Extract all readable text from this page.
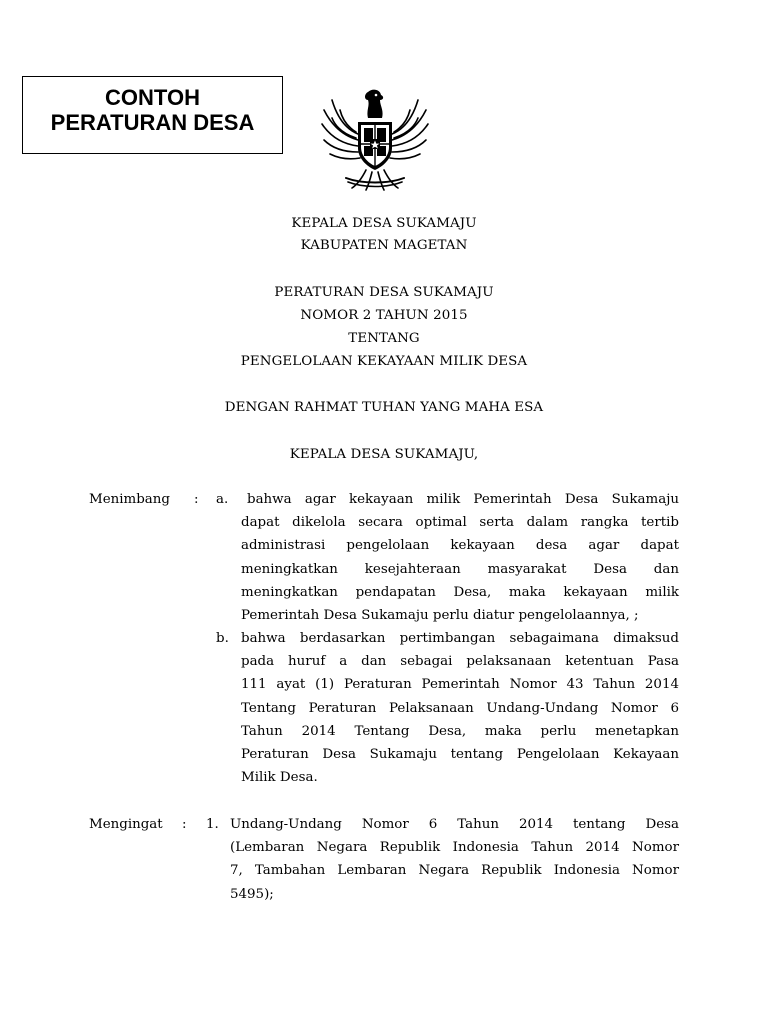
CONTOH
PERATURAN DESA
KEPALA DESA SUKAMAJU
KABUPATEN MAGETAN
PERATURAN DESA SUKAMAJU
NOMOR 2 TAHUN 2015
TENTANG
PENGELOLAAN KEKAYAAN MILIK DESA
DENGAN RAHMAT TUHAN YANG MAHA ESA
KEPALA DESA SUKAMAJU,
Menimbang : a.	bahwa agar kekayaan milik Pemerintah Desa Sukamaju
dapat dikelola secara optimal serta dalam rangka tertib
administrasi pengelolaan kekayaan desa agar dapat
meningkatkan kesejahteraan masyarakat Desa dan
meningkatkan pendapatan Desa, maka kekayaan milik
Pemerintah Desa Sukamaju perlu diatur pengelolaannya, ;
b. bahwa berdasarkan pertimbangan sebagaimana dimaksud
pada huruf a dan sebagai pelaksanaan ketentuan Pasa
111 ayat (1) Peraturan Pemerintah Nomor 43 Tahun 2014
Tentang Peraturan Pelaksanaan Undang-Undang Nomor 6
Tahun 2014 Tentang Desa, maka perlu menetapkan
Peraturan Desa Sukamaju tentang Pengelolaan Kekayaan
Milik Desa.
Mengingat : 1. Undang-Undang Nomor 6 Tahun 2014 tentang Desa
(Lembaran Negara Republik Indonesia Tahun 2014 Nomor
7, Tambahan Lembaran Negara Republik Indonesia Nomor
5495);
